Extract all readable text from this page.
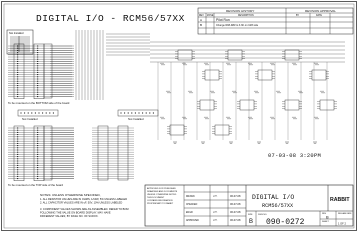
DIGITAL I/O - RCM56/57XX
Not Installed
To be mounted on the BOTTOM side of the board
Not Installed	Not Installed
To be mounted on the TOP side of the board
NOTES: UNLESS OTHERWISE SPECIFIED,
1. ALL RESISTOR VALUES ARE IN OHMS, 1/10W, 5% UNLESS LABELED
2. ALL CAPACITOR VALUES ARE IN uF, 50V, 10% UNLESS LABELED
3. COMPONENT VALUES SHOWN ARE AS ASSEMBLED. REFER TO BOM
FOLLOWING THE VALUE ON BOARD DISPLAY. MAY HAVE
DIFFERENT VALUES; BY DASH NO. OF SUFFIX.
REVISION HISTORY	REVISION APPROVAL
REV ZONE	DESCRIPTION	BY	DATE
A	Pilot Run
B	Change R##-R## to 3.3K on U## side
07-03-08 3:20PM
APPROVED FOR PUBLISHED
DRAWINGS AND DOCUMENTS
UNLESS OTHERWISE NOTED
THIS DOCUMENT
CONTAINS INFORMATION
PROPRIETARY TO RABBIT
DRAWN	J.T.	06-07-08
CHECKED	06-07-08
ENGR	J.T.	06-07-08
APPROVED	J.T.	06-07-08
DIGITAL I/O
RCM56/57XX
RABBIT
SIZE
B
DWG NO.
090-0272
REV
B
SHEET
1 OF 2
RELEASE DATE
